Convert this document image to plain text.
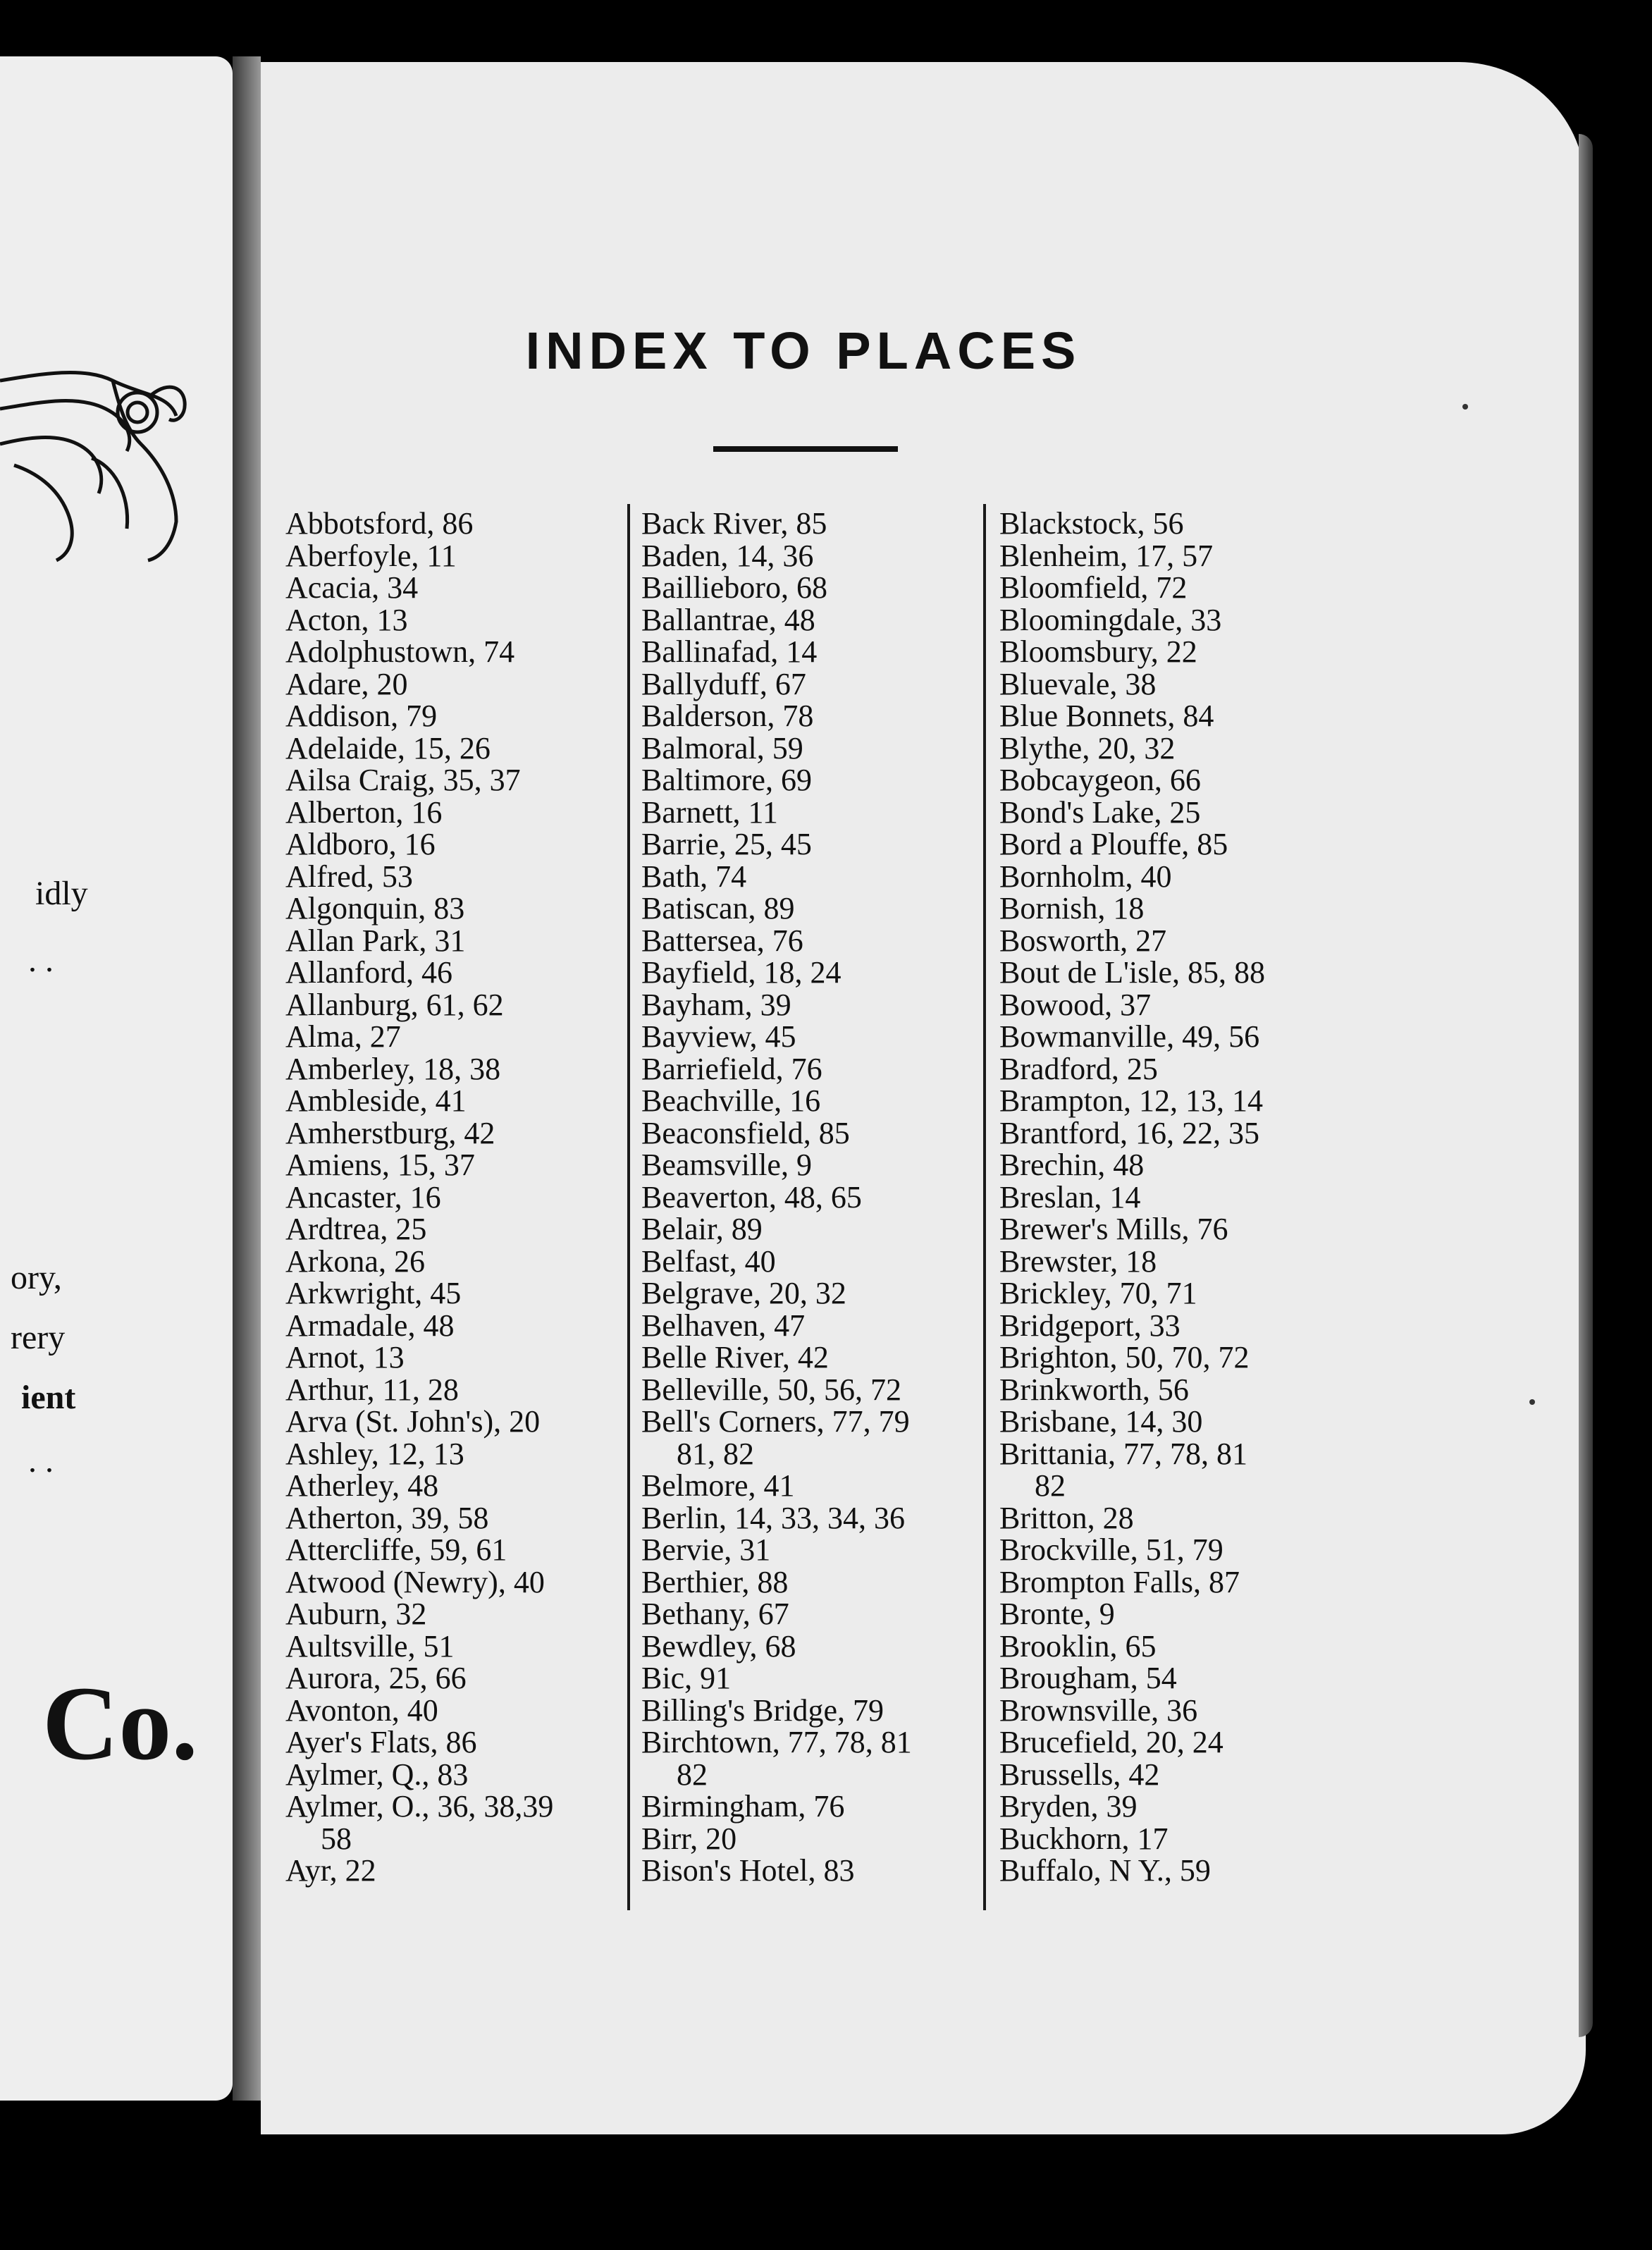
idly
. .
ory,
rery
ient
. .
Co.
INDEX TO PLACES
Abbotsford, 86
Aberfoyle, 11
Acacia, 34
Acton, 13
Adolphustown, 74
Adare, 20
Addison, 79
Adelaide, 15, 26
Ailsa Craig, 35, 37
Alberton, 16
Aldboro, 16
Alfred, 53
Algonquin, 83
Allan Park, 31
Allanford, 46
Allanburg, 61, 62
Alma, 27
Amberley, 18, 38
Ambleside, 41
Amherstburg, 42
Amiens, 15, 37
Ancaster, 16
Ardtrea, 25
Arkona, 26
Arkwright, 45
Armadale, 48
Arnot, 13
Arthur, 11, 28
Arva (St. John's), 20
Ashley, 12, 13
Atherley, 48
Atherton, 39, 58
Attercliffe, 59, 61
Atwood (Newry), 40
Auburn, 32
Aultsville, 51
Aurora, 25, 66
Avonton, 40
Ayer's Flats, 86
Aylmer, Q., 83
Aylmer, O., 36, 38,39
58
Ayr, 22
Back River, 85
Baden, 14, 36
Baillieboro, 68
Ballantrae, 48
Ballinafad, 14
Ballyduff, 67
Balderson, 78
Balmoral, 59
Baltimore, 69
Barnett, 11
Barrie, 25, 45
Bath, 74
Batiscan, 89
Battersea, 76
Bayfield, 18, 24
Bayham, 39
Bayview, 45
Barriefield, 76
Beachville, 16
Beaconsfield, 85
Beamsville, 9
Beaverton, 48, 65
Belair, 89
Belfast, 40
Belgrave, 20, 32
Belhaven, 47
Belle River, 42
Belleville, 50, 56, 72
Bell's Corners, 77, 79
81, 82
Belmore, 41
Berlin, 14, 33, 34, 36
Bervie, 31
Berthier, 88
Bethany, 67
Bewdley, 68
Bic, 91
Billing's Bridge, 79
Birchtown, 77, 78, 81
82
Birmingham, 76
Birr, 20
Bison's Hotel, 83
Blackstock, 56
Blenheim, 17, 57
Bloomfield, 72
Bloomingdale, 33
Bloomsbury, 22
Bluevale, 38
Blue Bonnets, 84
Blythe, 20, 32
Bobcaygeon, 66
Bond's Lake, 25
Bord a Plouffe, 85
Bornholm, 40
Bornish, 18
Bosworth, 27
Bout de L'isle, 85, 88
Bowood, 37
Bowmanville, 49, 56
Bradford, 25
Brampton, 12, 13, 14
Brantford, 16, 22, 35
Brechin, 48
Breslan, 14
Brewer's Mills, 76
Brewster, 18
Brickley, 70, 71
Bridgeport, 33
Brighton, 50, 70, 72
Brinkworth, 56
Brisbane, 14, 30
Brittania, 77, 78, 81
82
Britton, 28
Brockville, 51, 79
Brompton Falls, 87
Bronte, 9
Brooklin, 65
Brougham, 54
Brownsville, 36
Brucefield, 20, 24
Brussells, 42
Bryden, 39
Buckhorn, 17
Buffalo, N Y., 59
